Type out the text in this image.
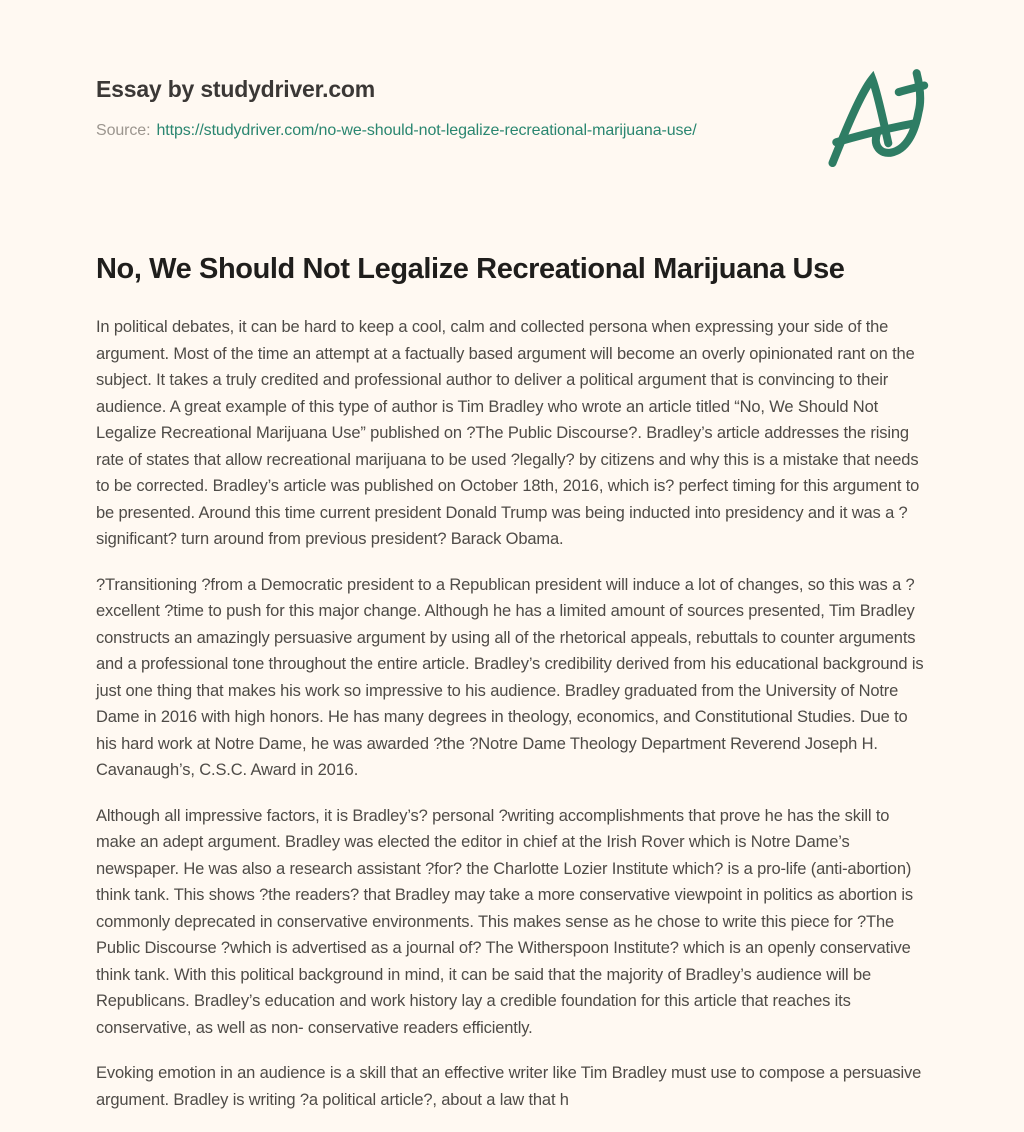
Essay by studydriver.com
Source: https://studydriver.com/no-we-should-not-legalize-recreational-marijuana-use/
No, We Should Not Legalize Recreational Marijuana Use

In political debates, it can be hard to keep a cool, calm and collected persona when expressing your side of the argument. Most of the time an attempt at a factually based argument will become an overly opinionated rant on the subject. It takes a truly credited and professional author to deliver a political argument that is convincing to their audience. A great example of this type of author is Tim Bradley who wrote an article titled “No, We Should Not Legalize Recreational Marijuana Use” published on ?The Public Discourse?. Bradley’s article addresses the rising rate of states that allow recreational marijuana to be used ?legally? by citizens and why this is a mistake that needs to be corrected. Bradley’s article was published on October 18th, 2016, which is? perfect timing for this argument to be presented. Around this time current president Donald Trump was being inducted into presidency and it was a ?significant? turn around from previous president? Barack Obama.

?Transitioning ?from a Democratic president to a Republican president will induce a lot of changes, so this was a ?excellent ?time to push for this major change. Although he has a limited amount of sources presented, Tim Bradley constructs an amazingly persuasive argument by using all of the rhetorical appeals, rebuttals to counter arguments and a professional tone throughout the entire article. Bradley’s credibility derived from his educational background is just one thing that makes his work so impressive to his audience. Bradley graduated from the University of Notre Dame in 2016 with high honors. He has many degrees in theology, economics, and Constitutional Studies. Due to his hard work at Notre Dame, he was awarded ?the ?Notre Dame Theology Department Reverend Joseph H. Cavanaugh’s, C.S.C. Award in 2016.

Although all impressive factors, it is Bradley’s? personal ?writing accomplishments that prove he has the skill to make an adept argument. Bradley was elected the editor in chief at the Irish Rover which is Notre Dame’s newspaper. He was also a research assistant ?for? the Charlotte Lozier Institute which? is a pro-life (anti-abortion) think tank. This shows ?the readers? that Bradley may take a more conservative viewpoint in politics as abortion is commonly deprecated in conservative environments. This makes sense as he chose to write this piece for ?The Public Discourse ?which is advertised as a journal of? The Witherspoon Institute? which is an openly conservative think tank. With this political background in mind, it can be said that the majority of Bradley’s audience will be Republicans. Bradley’s education and work history lay a credible foundation for this article that reaches its conservative, as well as non- conservative readers efficiently.

Evoking emotion in an audience is a skill that an effective writer like Tim Bradley must use to compose a persuasive argument. Bradley is writing ?a political article?, about a law that h
